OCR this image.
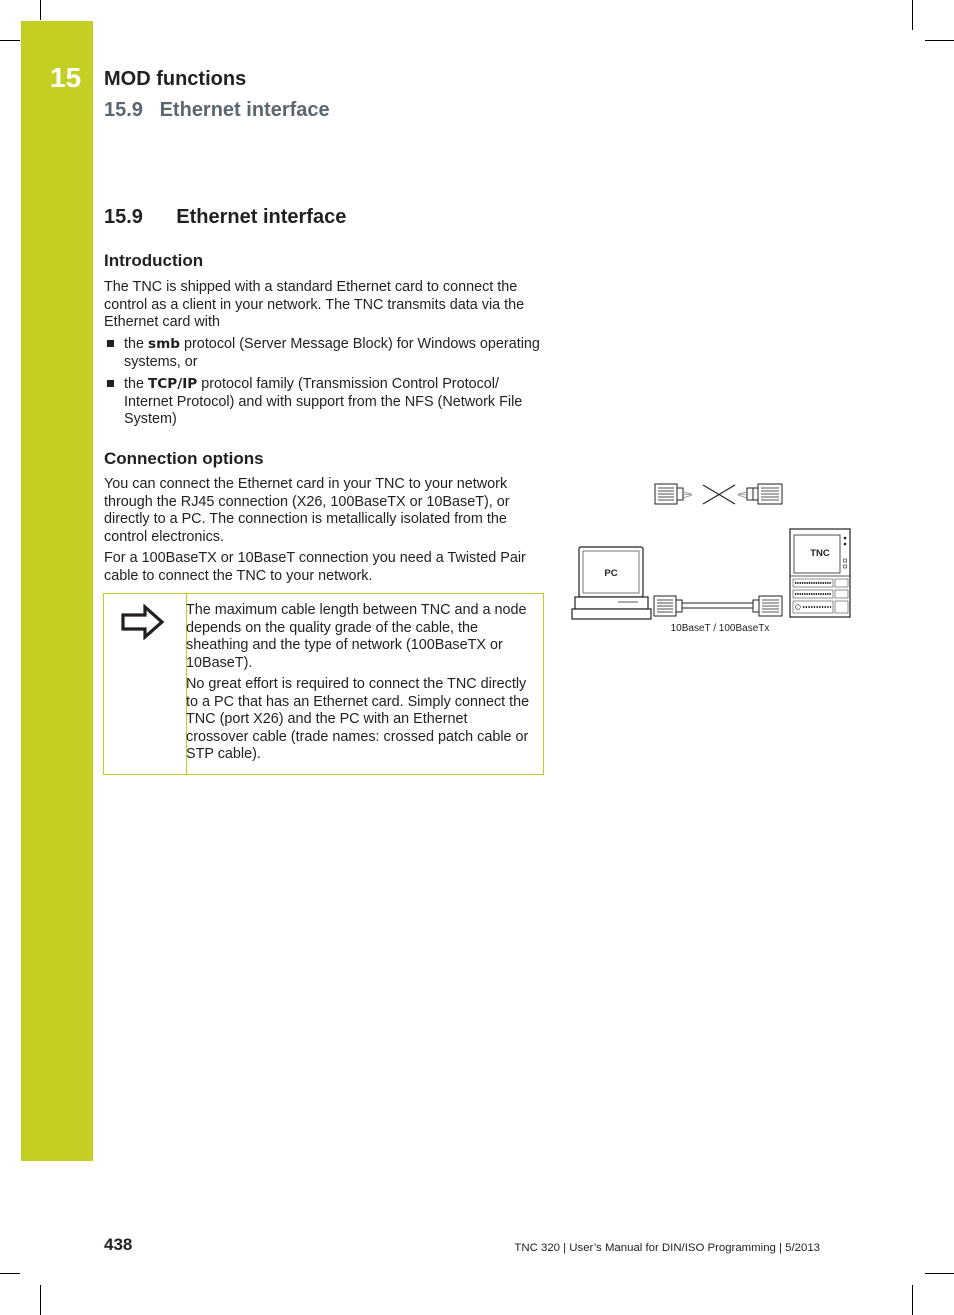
15 MOD functions
15.9   Ethernet interface
15.9      Ethernet interface
Introduction

The TNC is shipped with a standard Ethernet card to connect the control as a client in your network. The TNC transmits data via the Ethernet card with

the smb protocol (Server Message Block) for Windows operating systems, or
the TCP/IP protocol family (Transmission Control Protocol/ Internet Protocol) and with support from the NFS (Network File System)
Connection options

You can connect the Ethernet card in your TNC to your network through the RJ45 connection (X26, 100BaseTX or 10BaseT), or directly to a PC. The connection is metallically isolated from the control electronics.

For a 100BaseTX or 10BaseT connection you need a Twisted Pair cable to connect the TNC to your network.

The maximum cable length between TNC and a node depends on the quality grade of the cable, the sheathing and the type of network (100BaseTX or 10BaseT).
No great effort is required to connect the TNC directly to a PC that has an Ethernet card. Simply connect the TNC (port X26) and the PC with an Ethernet crossover cable (trade names: crossed patch cable or STP cable).
PC
10BaseT / 100BaseTx
TNC
438	TNC 320 | User’s Manual for DIN/ISO Programming | 5/2013
